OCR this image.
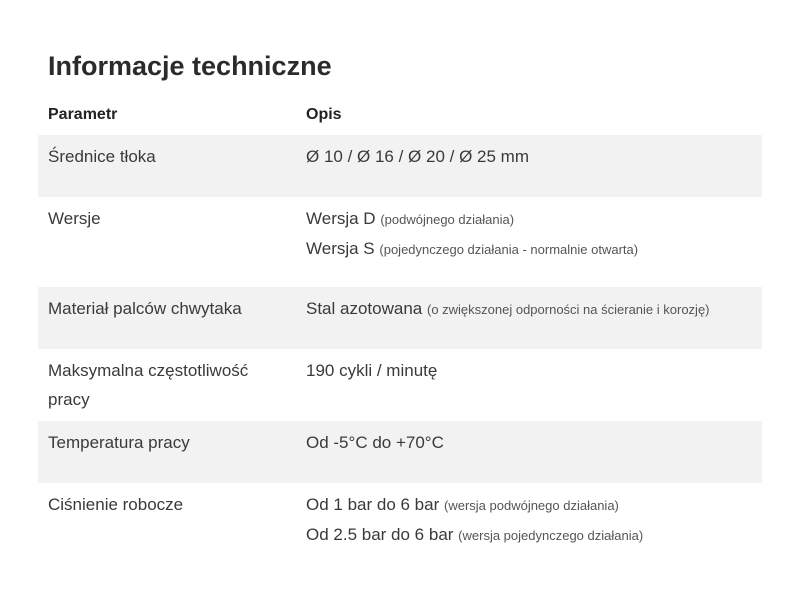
Informacje techniczne
Parametr	Opis
Średnice tłoka	Ø 10 / Ø 16 / Ø 20 / Ø 25 mm

Wersje	Wersja D (podwójnego działania)
Wersja S (pojedynczego działania - normalnie otwarta)

Materiał palców chwytaka	Stal azotowana (o zwiększonej odporności na ścieranie i korozję)

Maksymalna częstotliwość pracy	190 cykli / minutę

Temperatura pracy	Od -5°C do +70°C

Ciśnienie robocze	Od 1 bar do 6 bar (wersja podwójnego działania)
Od 2.5 bar do 6 bar (wersja pojedynczego działania)
